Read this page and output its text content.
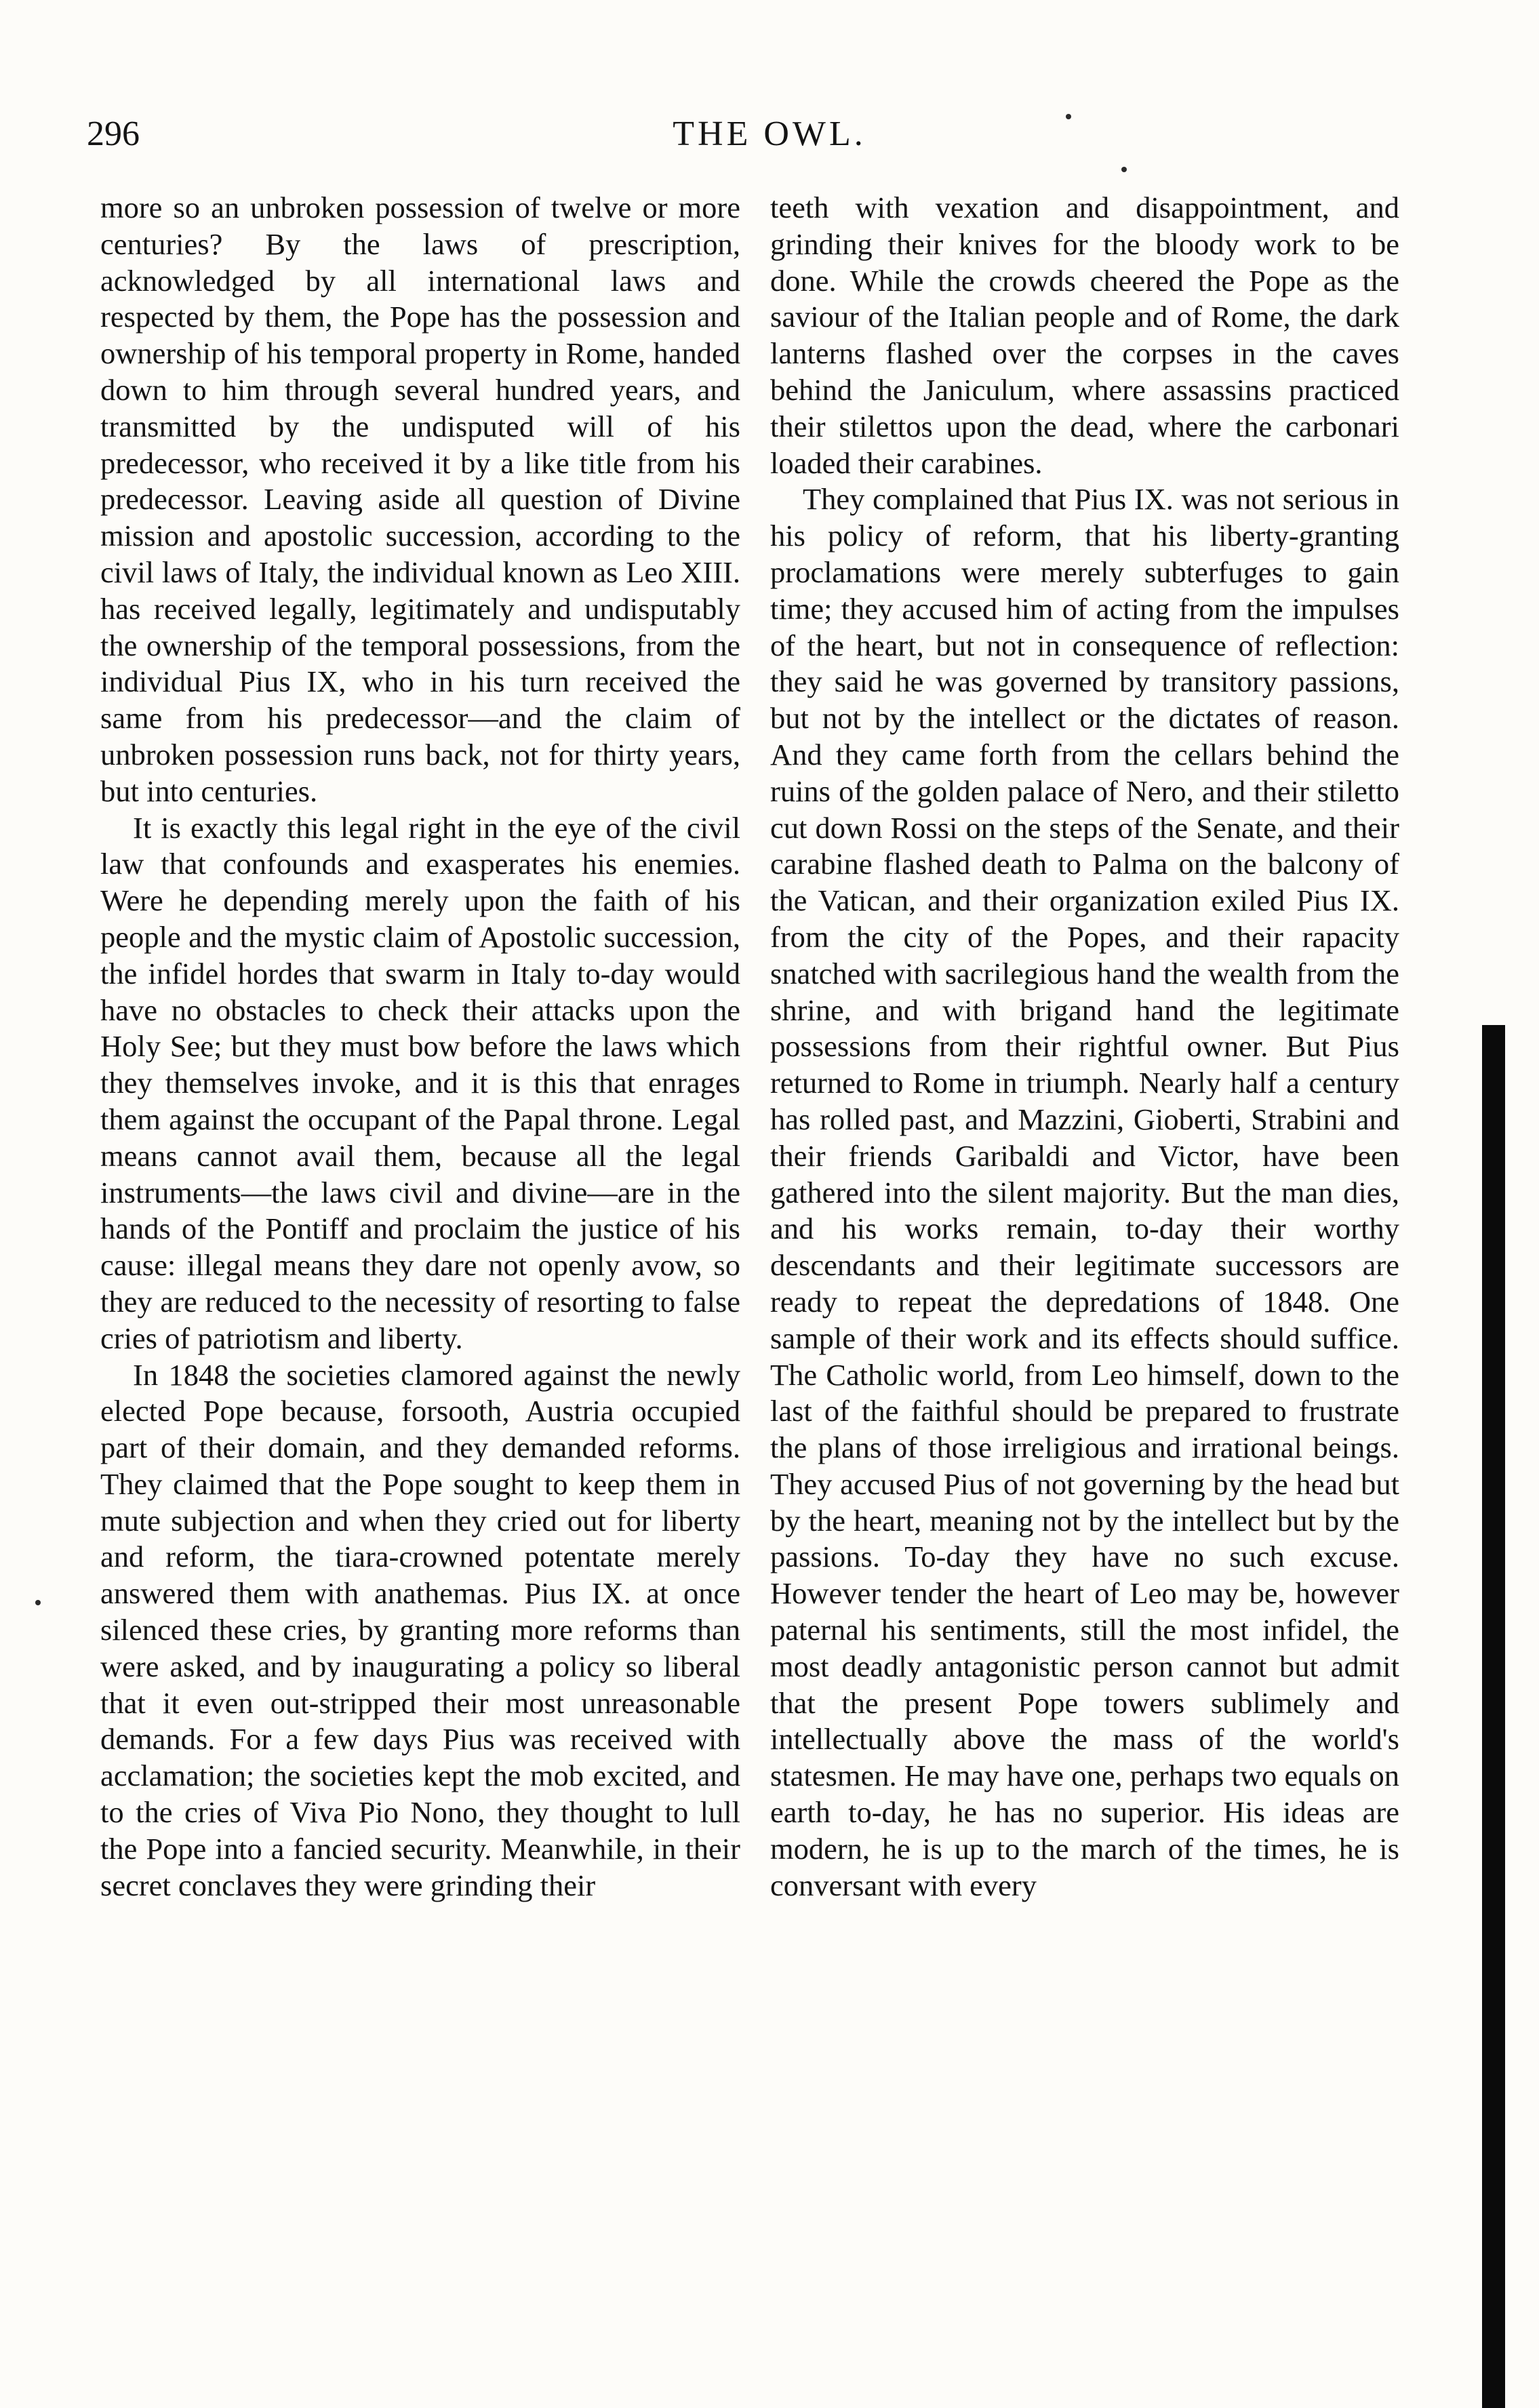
296	THE OWL.

more so an unbroken possession of twelve or more centuries? By the laws of prescription, acknowledged by all international laws and respected by them, the Pope has the possession and ownership of his temporal property in Rome, handed down to him through several hundred years, and transmitted by the undisputed will of his predecessor, who received it by a like title from his predecessor. Leaving aside all question of Divine mission and apostolic succession, according to the civil laws of Italy, the individual known as Leo XIII. has received legally, legitimately and undisputably the ownership of the temporal possessions, from the individual Pius IX, who in his turn received the same from his predecessor—and the claim of unbroken possession runs back, not for thirty years, but into centuries.

It is exactly this legal right in the eye of the civil law that confounds and exasperates his enemies. Were he depending merely upon the faith of his people and the mystic claim of Apostolic succession, the infidel hordes that swarm in Italy to-day would have no obstacles to check their attacks upon the Holy See; but they must bow before the laws which they themselves invoke, and it is this that enrages them against the occupant of the Papal throne. Legal means cannot avail them, because all the legal instruments—the laws civil and divine—are in the hands of the Pontiff and proclaim the justice of his cause: illegal means they dare not openly avow, so they are reduced to the necessity of resorting to false cries of patriotism and liberty.

In 1848 the societies clamored against the newly elected Pope because, forsooth, Austria occupied part of their domain, and they demanded reforms. They claimed that the Pope sought to keep them in mute subjection and when they cried out for liberty and reform, the tiara-crowned potentate merely answered them with anathemas. Pius IX. at once silenced these cries, by granting more reforms than were asked, and by inaugurating a policy so liberal that it even out-stripped their most unreasonable demands. For a few days Pius was received with acclamation; the societies kept the mob excited, and to the cries of Viva Pio Nono, they thought to lull the Pope into a fancied security. Meanwhile, in their secret conclaves they were grinding their

teeth with vexation and disappointment, and grinding their knives for the bloody work to be done. While the crowds cheered the Pope as the saviour of the Italian people and of Rome, the dark lanterns flashed over the corpses in the caves behind the Janiculum, where assassins practiced their stilettos upon the dead, where the carbonari loaded their carabines.

They complained that Pius IX. was not serious in his policy of reform, that his liberty-granting proclamations were merely subterfuges to gain time; they accused him of acting from the impulses of the heart, but not in consequence of reflection: they said he was governed by transitory passions, but not by the intellect or the dictates of reason. And they came forth from the cellars behind the ruins of the golden palace of Nero, and their stiletto cut down Rossi on the steps of the Senate, and their carabine flashed death to Palma on the balcony of the Vatican, and their organization exiled Pius IX. from the city of the Popes, and their rapacity snatched with sacrilegious hand the wealth from the shrine, and with brigand hand the legitimate possessions from their rightful owner. But Pius returned to Rome in triumph. Nearly half a century has rolled past, and Mazzini, Gioberti, Strabini and their friends Garibaldi and Victor, have been gathered into the silent majority. But the man dies, and his works remain, to-day their worthy descendants and their legitimate successors are ready to repeat the depredations of 1848. One sample of their work and its effects should suffice. The Catholic world, from Leo himself, down to the last of the faithful should be prepared to frustrate the plans of those irreligious and irrational beings. They accused Pius of not governing by the head but by the heart, meaning not by the intellect but by the passions. To-day they have no such excuse. However tender the heart of Leo may be, however paternal his sentiments, still the most infidel, the most deadly antagonistic person cannot but admit that the present Pope towers sublimely and intellectually above the mass of the world's statesmen. He may have one, perhaps two equals on earth to-day, he has no superior. His ideas are modern, he is up to the march of the times, he is conversant with every
